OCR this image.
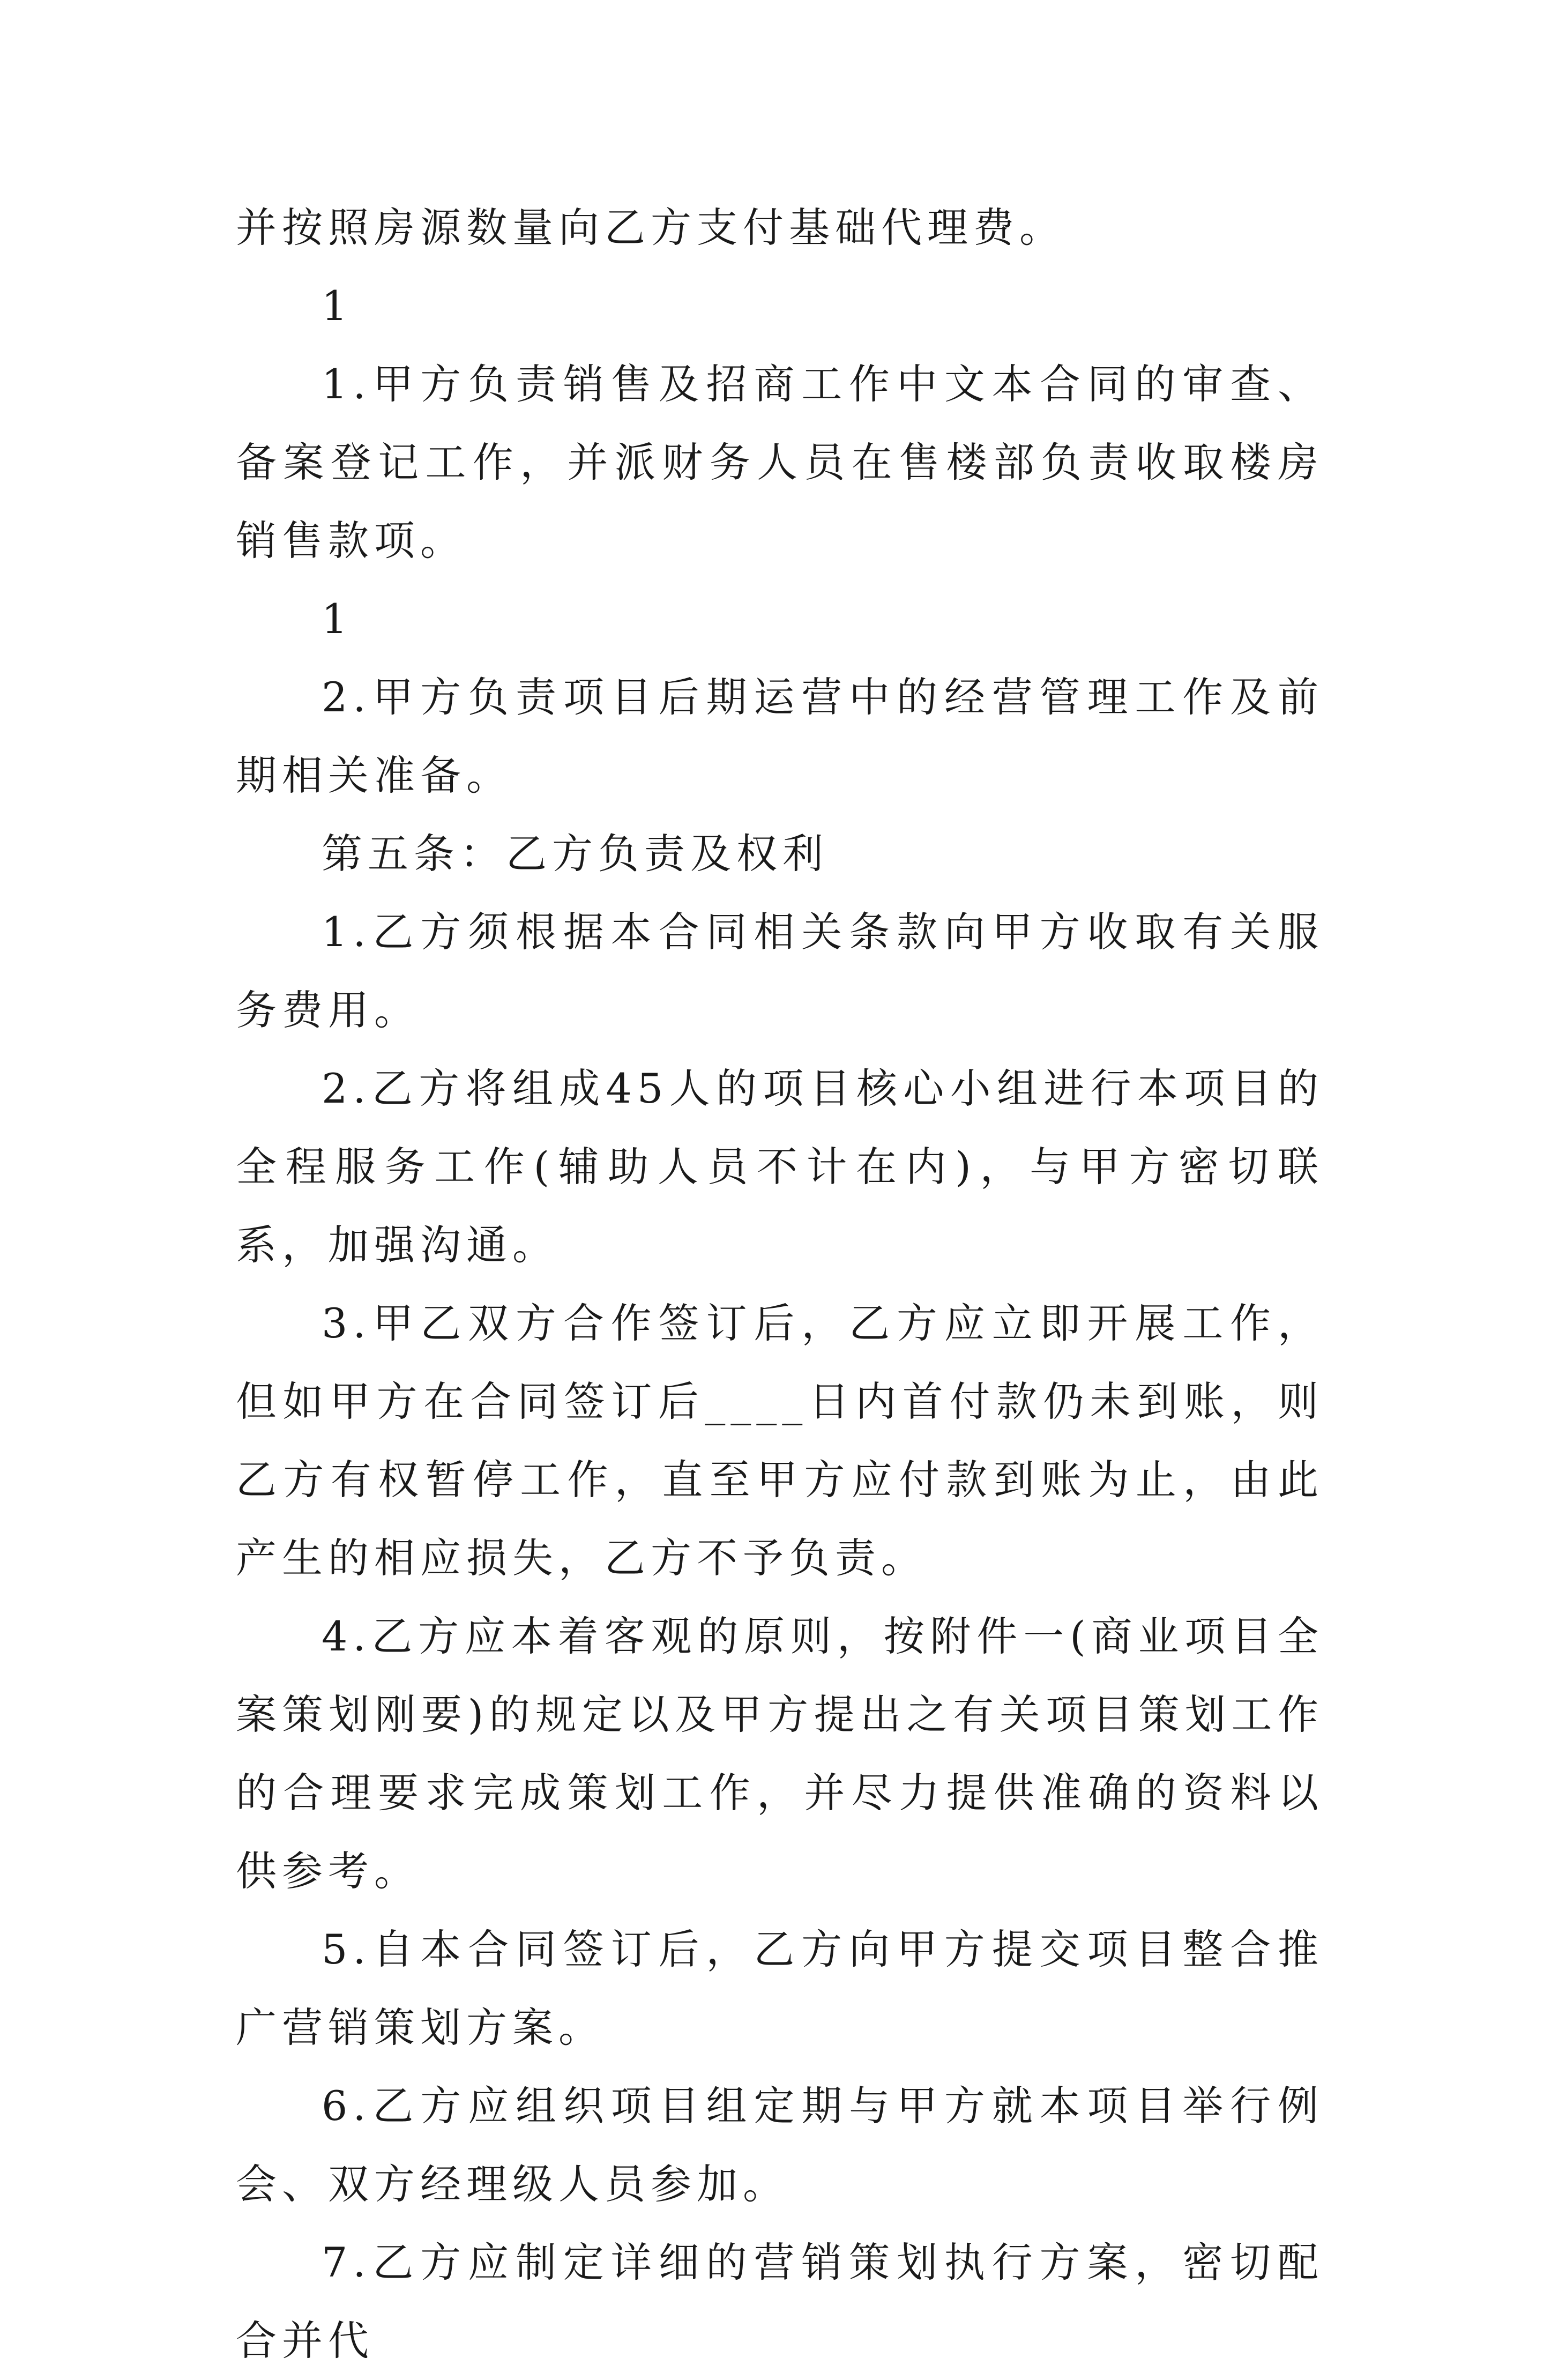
并按照房源数量向乙方支付基础代理费。

1

1.甲方负责销售及招商工作中文本合同的审查、备案登记工作，并派财务人员在售楼部负责收取楼房销售款项。

1

2.甲方负责项目后期运营中的经营管理工作及前期相关准备。

第五条：乙方负责及权利

1.乙方须根据本合同相关条款向甲方收取有关服务费用。

2.乙方将组成45人的项目核心小组进行本项目的全程服务工作(辅助人员不计在内)，与甲方密切联系，加强沟通。

3.甲乙双方合作签订后，乙方应立即开展工作，但如甲方在合同签订后____日内首付款仍未到账，则乙方有权暂停工作，直至甲方应付款到账为止，由此产生的相应损失，乙方不予负责。

4.乙方应本着客观的原则，按附件一(商业项目全案策划刚要)的规定以及甲方提出之有关项目策划工作的合理要求完成策划工作，并尽力提供准确的资料以供参考。

5.自本合同签订后，乙方向甲方提交项目整合推广营销策划方案。

6.乙方应组织项目组定期与甲方就本项目举行例会、双方经理级人员参加。

7.乙方应制定详细的营销策划执行方案，密切配合并代
